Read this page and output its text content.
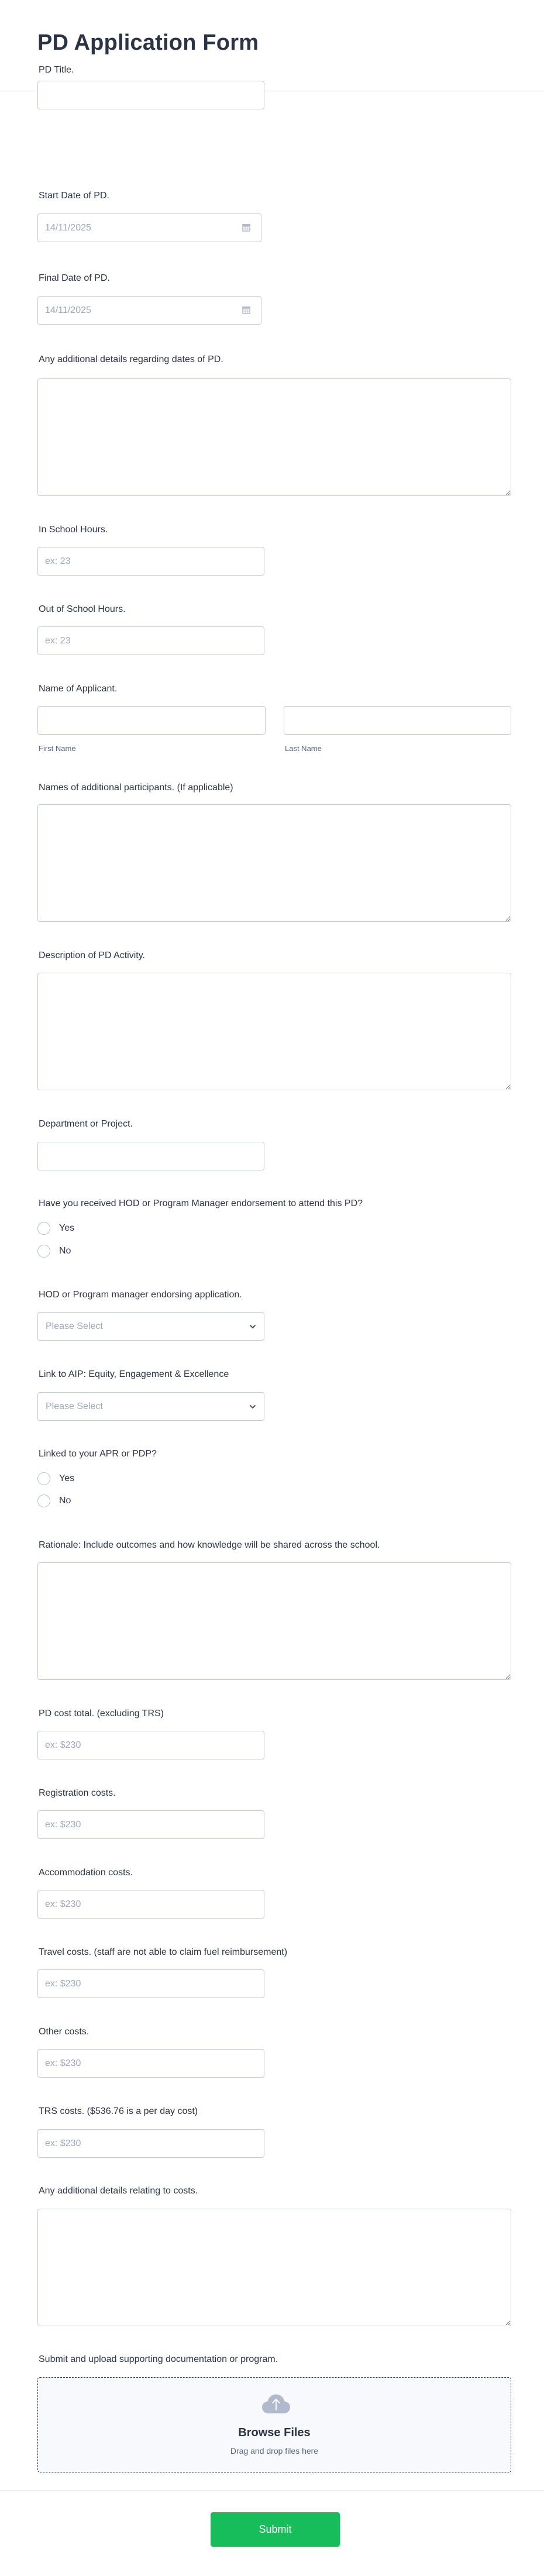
PD Application Form
PD Title.
Start Date of PD.
14/11/2025
Final Date of PD.
14/11/2025
Any additional details regarding dates of PD.
In School Hours.
ex: 23
Out of School Hours.
ex: 23
Name of Applicant.
First Name	Last Name
Names of additional participants. (If applicable)
Description of PD Activity.
Department or Project.
Have you received HOD or Program Manager endorsement to attend this PD?
Yes
No
HOD or Program manager endorsing application.
Please Select
Link to AIP: Equity, Engagement & Excellence
Please Select
Linked to your APR or PDP?
Yes
No
Rationale: Include outcomes and how knowledge will be shared across the school.
PD cost total. (excluding TRS)
ex: $230
Registration costs.
ex: $230
Accommodation costs.
ex: $230
Travel costs. (staff are not able to claim fuel reimbursement)
ex: $230
Other costs.
ex: $230
TRS costs. ($536.76 is a per day cost)
ex: $230
Any additional details relating to costs.
Submit and upload supporting documentation or program.
Browse Files
Drag and drop files here
Submit
